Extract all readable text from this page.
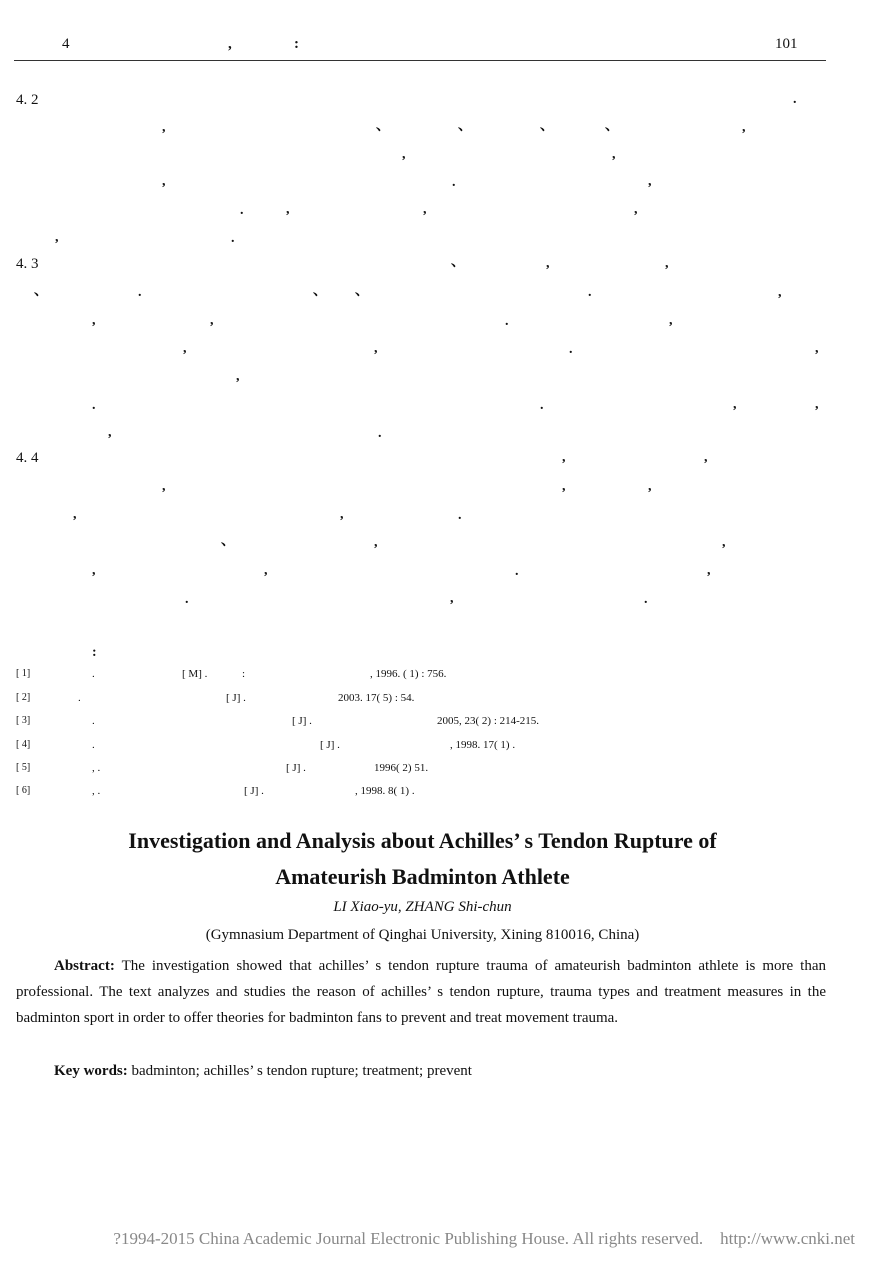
4	,	:	101
4. 2	.
,	、	、	、	、	,
,	,
,	.	,
.	,	,	,
,	.
4. 3	、	,	,
、	.	、 、	.	,
,	,	.	,
,	,	.	,
,
.	.	,	,
,	.
4. 4	,	,
,	,	,
,	,	.
、	,	,
,	,	.	,
.	,	.
:
[ 1]	.	[ M] .	:	, 1996. ( 1) : 756.
[ 2]	.	[ J] .	2003. 17( 5) : 54.
[ 3]	.	[ J] .	2005, 23( 2) : 214-215.
[ 4]	.	[ J] .	, 1998. 17( 1) .
[ 5]	, .	[ J] .	1996( 2) 51.
[ 6]	, .	[ J] .	, 1998. 8( 1) .
Investigation and Analysis about Achilles’ s Tendon Rupture of
Amateurish Badminton Athlete
LI Xiao-yu, ZHANG Shi-chun
(Gymnasium Department of Qinghai University, Xining 810016, China)
Abstract: The investigation showed that achilles’ s tendon rupture trauma of amateurish badminton athlete is more than professional. The text analyzes and studies the reason of achilles’ s tendon rupture, trauma types and treatment measures in the badminton sport in order to offer theories for badminton fans to prevent and treat movement trauma.
Key words: badminton; achilles’ s tendon rupture; treatment; prevent
?1994-2015 China Academic Journal Electronic Publishing House. All rights reserved. http://www.cnki.net
